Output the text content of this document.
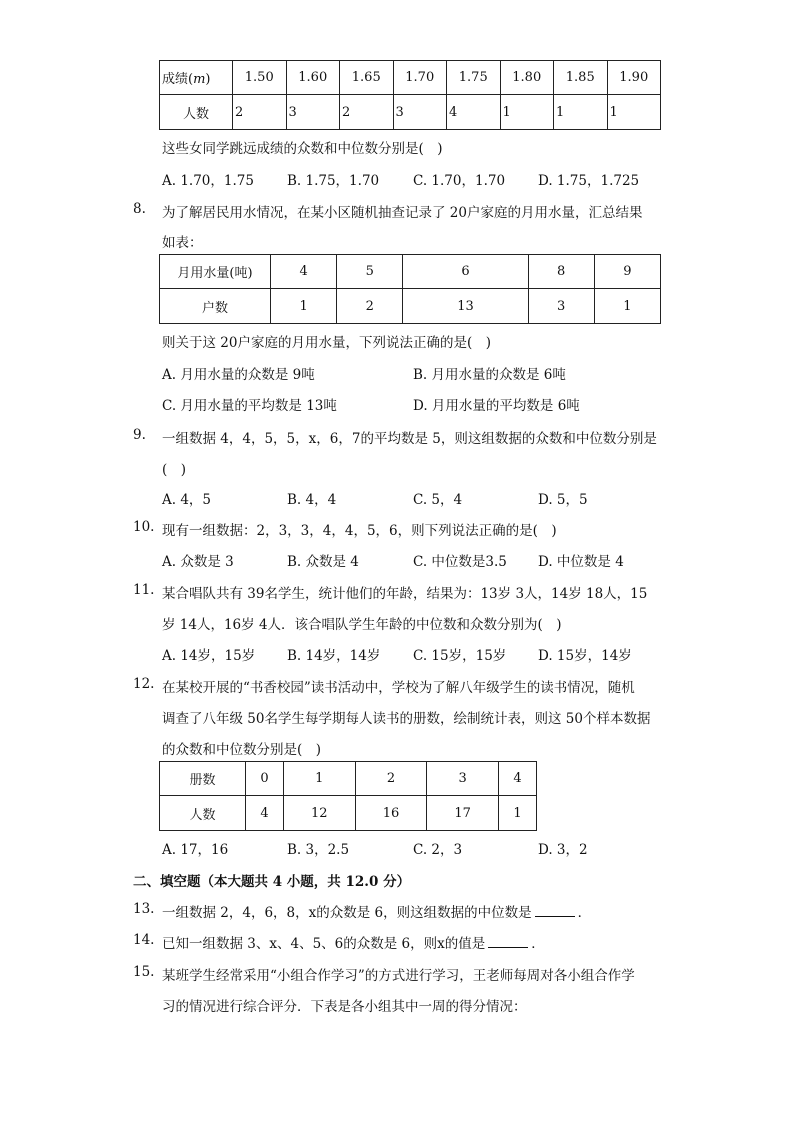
成绩(m)	1.50	1.60	1.65	1.70	1.75	1.80	1.85	1.90
人数	2	3	2	3	4	1	1	1
这些女同学跳远成绩的众数和中位数分别是(　)
A. 1.70，1.75 B. 1.75，1.70	C. 1.70，1.70 D. 1.75，1.725
8. 为了解居民用水情况，在某小区随机抽查记录了 20户家庭的月用水量，汇总结果
如表：
月用水量(吨)	4	5	6	8	9
户数	1	2	13	3	1
则关于这 20户家庭的月用水量，下列说法正确的是(　)
A. 月用水量的众数是 9吨	B. 月用水量的众数是 6吨
C. 月用水量的平均数是 13吨	D. 月用水量的平均数是 6吨
9. 一组数据 4，4，5，5，x，6，7的平均数是 5，则这组数据的众数和中位数分别是
(　)
A. 4，5	B. 4，4	C. 5，4	D. 5，5
10. 现有一组数据：2，3，3，4，4，5，6，则下列说法正确的是(　)
A. 众数是 3	B. 众数是 4	C. 中位数是3.5 D. 中位数是 4
11. 某合唱队共有 39名学生，统计他们的年龄，结果为：13岁 3人，14岁 18人，15
岁 14人，16岁 4人．该合唱队学生年龄的中位数和众数分别为(　)
A. 14岁，15岁 B. 14岁，14岁 C. 15岁，15岁 D. 15岁，14岁
12. 在某校开展的“书香校园”读书活动中，学校为了解八年级学生的读书情况，随机
调查了八年级 50名学生每学期每人读书的册数，绘制统计表，则这 50个样本数据
的众数和中位数分别是(　)
册数	0	1	2	3	4
人数	4	12	16	17	1
A. 17，16	B. 3，2.5	C. 2，3	D. 3，2
二、填空题（本大题共 4 小题，共 12.0 分）
13. 一组数据 2，4，6，8，x的众数是 6，则这组数据的中位数是	．
14. 已知一组数据 3、x、4、5、6的众数是 6，则x的值是	．
15. 某班学生经常采用“小组合作学习”的方式进行学习，王老师每周对各小组合作学
习的情况进行综合评分．下表是各小组其中一周的得分情况：
